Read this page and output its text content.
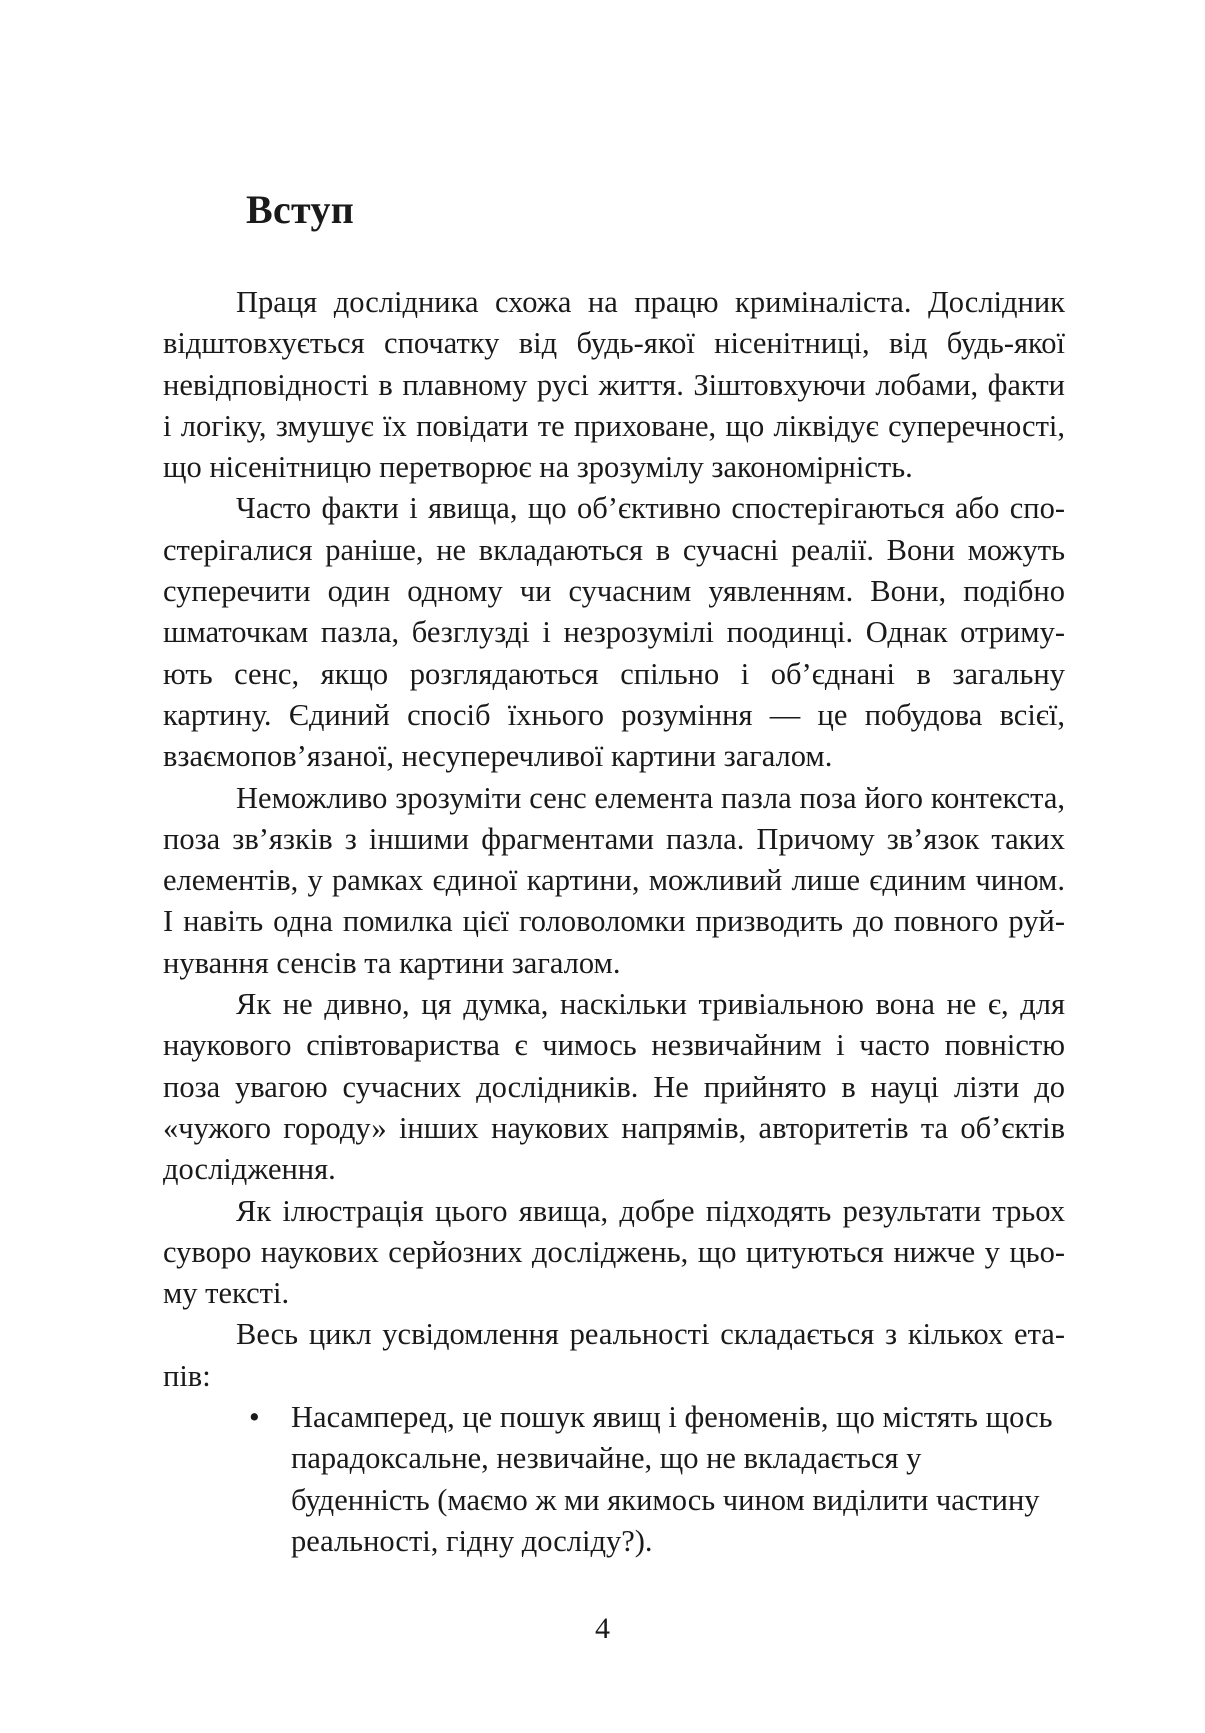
Вступ

Праця дослідника схожа на працю криміналіста. Дослідник відштовхується спочатку від будь-якої нісенітниці, від будь-якої невідповідності в плавному русі життя. Зіштовхуючи лобами, факти і логіку, змушує їх повідати те приховане, що ліквідує суперечності, що нісенітницю перетворює на зрозумілу закономірність.

Часто факти і явища, що об’єктивно спостерігаються або спостерігалися раніше, не вкладаються в сучасні реалії. Вони можуть суперечити один одному чи сучасним уявленням. Вони, подібно шматочкам пазла, безглузді і незрозумілі поодинці. Однак отримують сенс, якщо розглядаються спільно і об’єднані в загальну картину. Єдиний спосіб їхнього розуміння — це побудова всієї, взаємопов’язаної, несуперечливої картини загалом.

Неможливо зрозуміти сенс елемента пазла поза його контекста, поза зв’язків з іншими фрагментами пазла. Причому зв’язок таких елементів, у рамках єдиної картини, можливий лише єдиним чином. І навіть одна помилка цієї головоломки призводить до повного руйнування сенсів та картини загалом.

Як не дивно, ця думка, наскільки тривіальною вона не є, для наукового співтовариства є чимось незвичайним і часто повністю поза увагою сучасних дослідників. Не прийнято в науці лізти до «чужого городу» інших наукових напрямів, авторитетів та об’єктів дослідження.

Як ілюстрація цього явища, добре підходять результати трьох суворо наукових серйозних досліджень, що цитуються нижче у цьому тексті.

Весь цикл усвідомлення реальності складається з кількох етапів:

• Насамперед, це пошук явищ і феноменів, що містять щось парадоксальне, незвичайне, що не вкладається у буденність (маємо ж ми якимось чином виділити частину реальності, гідну досліду?).

4
